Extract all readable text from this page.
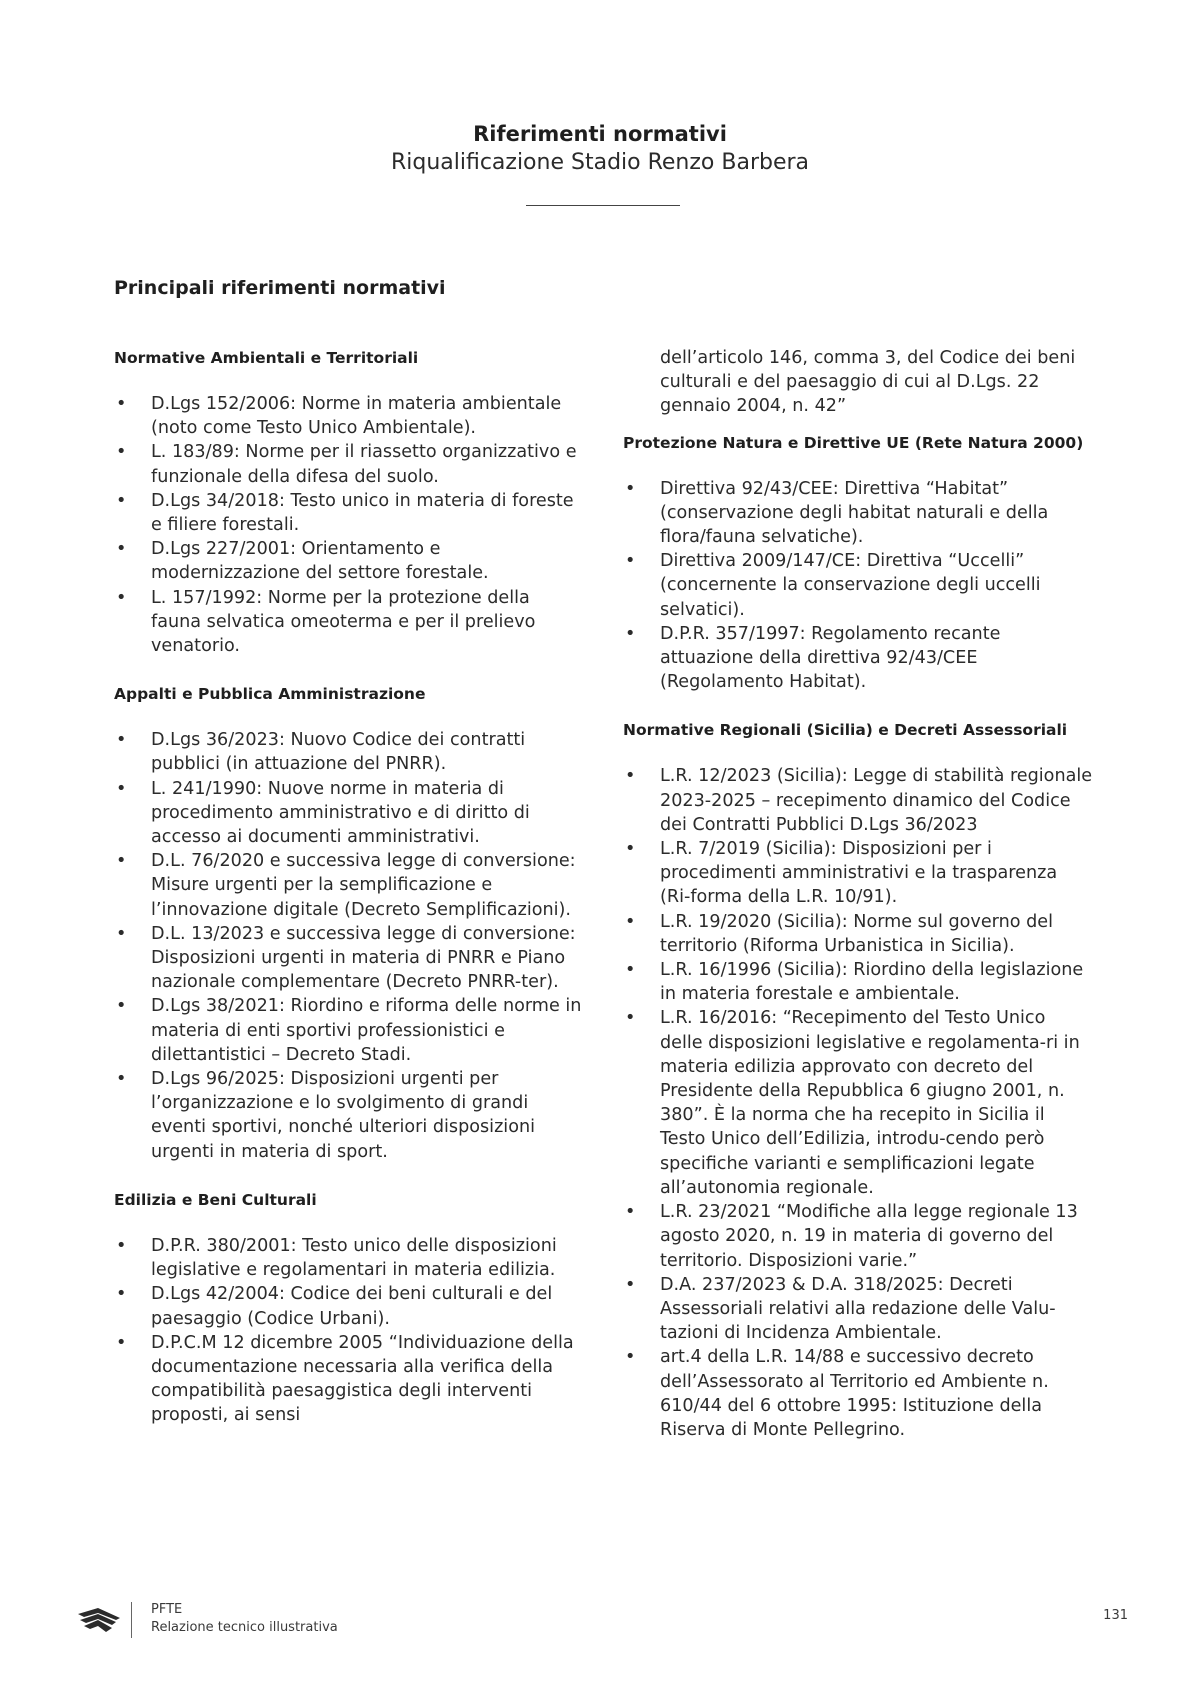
Riferimenti normativi
Riqualificazione Stadio Renzo Barbera
Principali riferimenti normativi
Normative Ambientali e Territoriali
• D.Lgs 152/2006: Norme in materia ambientale (noto come Testo Unico Ambientale).
• L. 183/89: Norme per il riassetto organizzativo e funzionale della difesa del suolo.
• D.Lgs 34/2018: Testo unico in materia di foreste e filiere forestali.
• D.Lgs 227/2001: Orientamento e modernizzazione del settore forestale.
• L. 157/1992: Norme per la protezione della fauna selvatica omeoterma e per il prelievo venatorio.
Appalti e Pubblica Amministrazione
• D.Lgs 36/2023: Nuovo Codice dei contratti pubblici (in attuazione del PNRR).
• L. 241/1990: Nuove norme in materia di procedimento amministrativo e di diritto di accesso ai documenti amministrativi.
• D.L. 76/2020 e successiva legge di conversione: Misure urgenti per la semplificazione e l’innovazione digitale (Decreto Semplificazioni).
• D.L. 13/2023 e successiva legge di conversione: Disposizioni urgenti in materia di PNRR e Piano nazionale complementare (Decreto PNRR-ter).
• D.Lgs 38/2021: Riordino e riforma delle norme in materia di enti sportivi professionistici e dilettantistici – Decreto Stadi.
• D.Lgs 96/2025: Disposizioni urgenti per l’organizzazione e lo svolgimento di grandi eventi sportivi, nonché ulteriori disposizioni urgenti in materia di sport.
Edilizia e Beni Culturali
• D.P.R. 380/2001: Testo unico delle disposizioni legislative e regolamentari in materia edilizia.
• D.Lgs 42/2004: Codice dei beni culturali e del paesaggio (Codice Urbani).
• D.P.C.M 12 dicembre 2005 “Individuazione della documentazione necessaria alla verifica della compatibilità paesaggistica degli interventi proposti, ai sensi
dell’articolo 146, comma 3, del Codice dei beni culturali e del paesaggio di cui al D.Lgs. 22 gennaio 2004, n. 42”
Protezione Natura e Direttive UE (Rete Natura 2000)
• Direttiva 92/43/CEE: Direttiva “Habitat” (conservazione degli habitat naturali e della flora/fauna selvatiche).
• Direttiva 2009/147/CE: Direttiva “Uccelli” (concernente la conservazione degli uccelli selvatici).
• D.P.R. 357/1997: Regolamento recante attuazione della direttiva 92/43/CEE (Regolamento Habitat).
Normative Regionali (Sicilia) e Decreti Assessoriali
• L.R. 12/2023 (Sicilia): Legge di stabilità regionale 2023-2025 – recepimento dinamico del Codice dei Contratti Pubblici D.Lgs 36/2023
• L.R. 7/2019 (Sicilia): Disposizioni per i procedimenti amministrativi e la trasparenza (Ri-forma della L.R. 10/91).
• L.R. 19/2020 (Sicilia): Norme sul governo del territorio (Riforma Urbanistica in Sicilia).
• L.R. 16/1996 (Sicilia): Riordino della legislazione in materia forestale e ambientale.
• L.R. 16/2016: “Recepimento del Testo Unico delle disposizioni legislative e regolamenta-ri in materia edilizia approvato con decreto del Presidente della Repubblica 6 giugno 2001, n. 380”. È la norma che ha recepito in Sicilia il Testo Unico dell’Edilizia, introdu-cendo però specifiche varianti e semplificazioni legate all’autonomia regionale.
• L.R. 23/2021 “Modifiche alla legge regionale 13 agosto 2020, n. 19 in materia di governo del territorio. Disposizioni varie.”
• D.A. 237/2023 & D.A. 318/2025: Decreti Assessoriali relativi alla redazione delle Valu-tazioni di Incidenza Ambientale.
• art.4 della L.R. 14/88 e successivo decreto dell’Assessorato al Territorio ed Ambiente n. 610/44 del 6 ottobre 1995: Istituzione della Riserva di Monte Pellegrino.
PFTE
Relazione tecnico illustrativa
131
